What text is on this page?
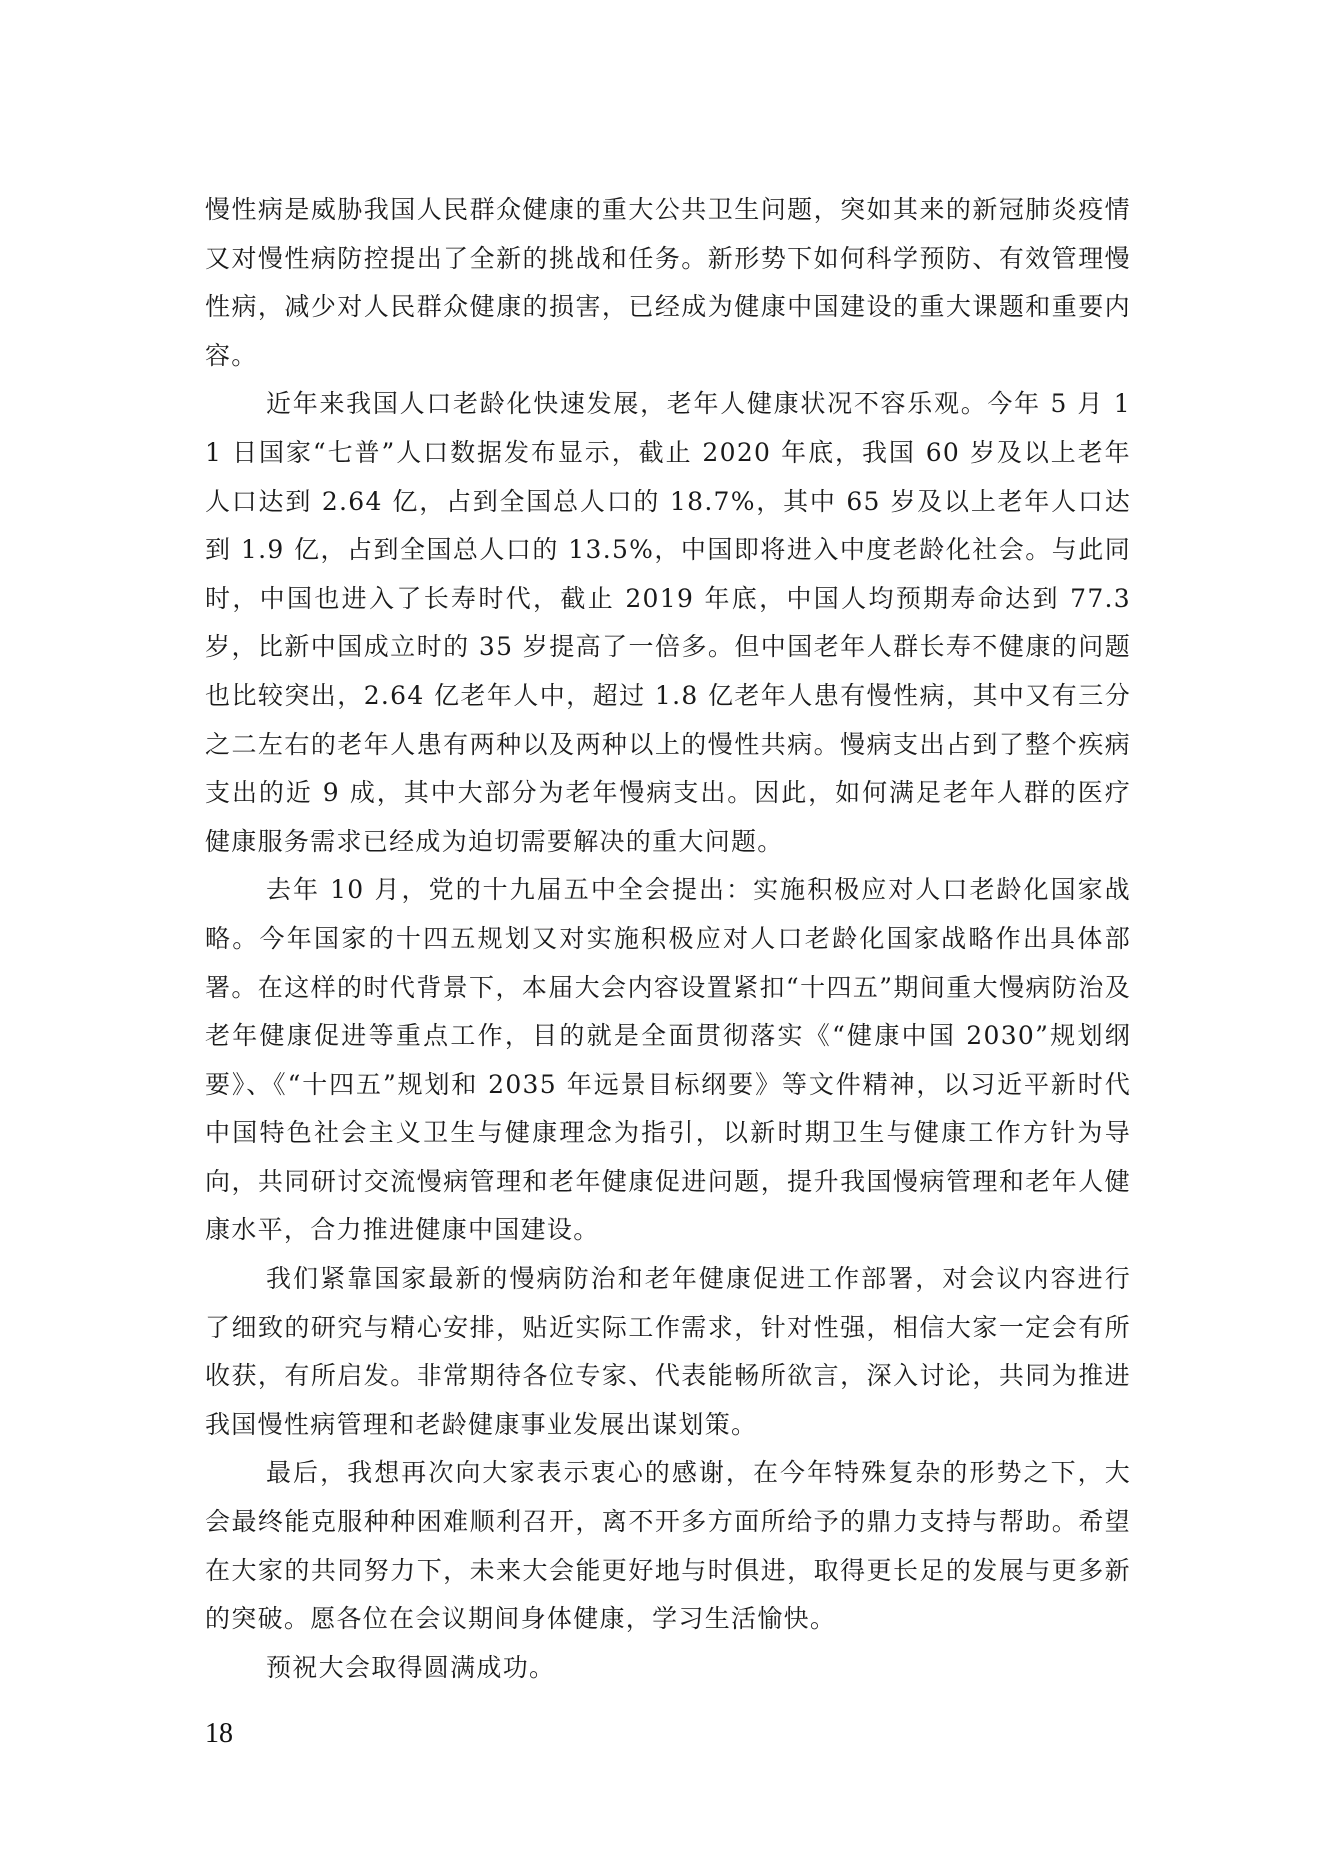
慢性病是威胁我国人民群众健康的重大公共卫生问题，突如其来的新冠肺炎疫情又对慢性病防控提出了全新的挑战和任务。新形势下如何科学预防、有效管理慢性病，减少对人民群众健康的损害，已经成为健康中国建设的重大课题和重要内容。

近年来我国人口老龄化快速发展，老年人健康状况不容乐观。今年 5 月 11 日国家“七普”人口数据发布显示，截止 2020 年底，我国 60 岁及以上老年人口达到 2.64 亿，占到全国总人口的 18.7%，其中 65 岁及以上老年人口达到 1.9 亿，占到全国总人口的 13.5%，中国即将进入中度老龄化社会。与此同时，中国也进入了长寿时代，截止 2019 年底，中国人均预期寿命达到 77.3 岁，比新中国成立时的 35 岁提高了一倍多。但中国老年人群长寿不健康的问题也比较突出，2.64 亿老年人中，超过 1.8 亿老年人患有慢性病，其中又有三分之二左右的老年人患有两种以及两种以上的慢性共病。慢病支出占到了整个疾病支出的近 9 成，其中大部分为老年慢病支出。因此，如何满足老年人群的医疗健康服务需求已经成为迫切需要解决的重大问题。

去年 10 月，党的十九届五中全会提出：实施积极应对人口老龄化国家战略。今年国家的十四五规划又对实施积极应对人口老龄化国家战略作出具体部署。在这样的时代背景下，本届大会内容设置紧扣“十四五”期间重大慢病防治及老年健康促进等重点工作，目的就是全面贯彻落实《“健康中国 2030”规划纲要》、《“十四五”规划和 2035 年远景目标纲要》等文件精神，以习近平新时代中国特色社会主义卫生与健康理念为指引，以新时期卫生与健康工作方针为导向，共同研讨交流慢病管理和老年健康促进问题，提升我国慢病管理和老年人健康水平，合力推进健康中国建设。

我们紧靠国家最新的慢病防治和老年健康促进工作部署，对会议内容进行了细致的研究与精心安排，贴近实际工作需求，针对性强，相信大家一定会有所收获，有所启发。非常期待各位专家、代表能畅所欲言，深入讨论，共同为推进我国慢性病管理和老龄健康事业发展出谋划策。

最后，我想再次向大家表示衷心的感谢，在今年特殊复杂的形势之下，大会最终能克服种种困难顺利召开，离不开多方面所给予的鼎力支持与帮助。希望在大家的共同努力下，未来大会能更好地与时俱进，取得更长足的发展与更多新的突破。愿各位在会议期间身体健康，学习生活愉快。

预祝大会取得圆满成功。

18
